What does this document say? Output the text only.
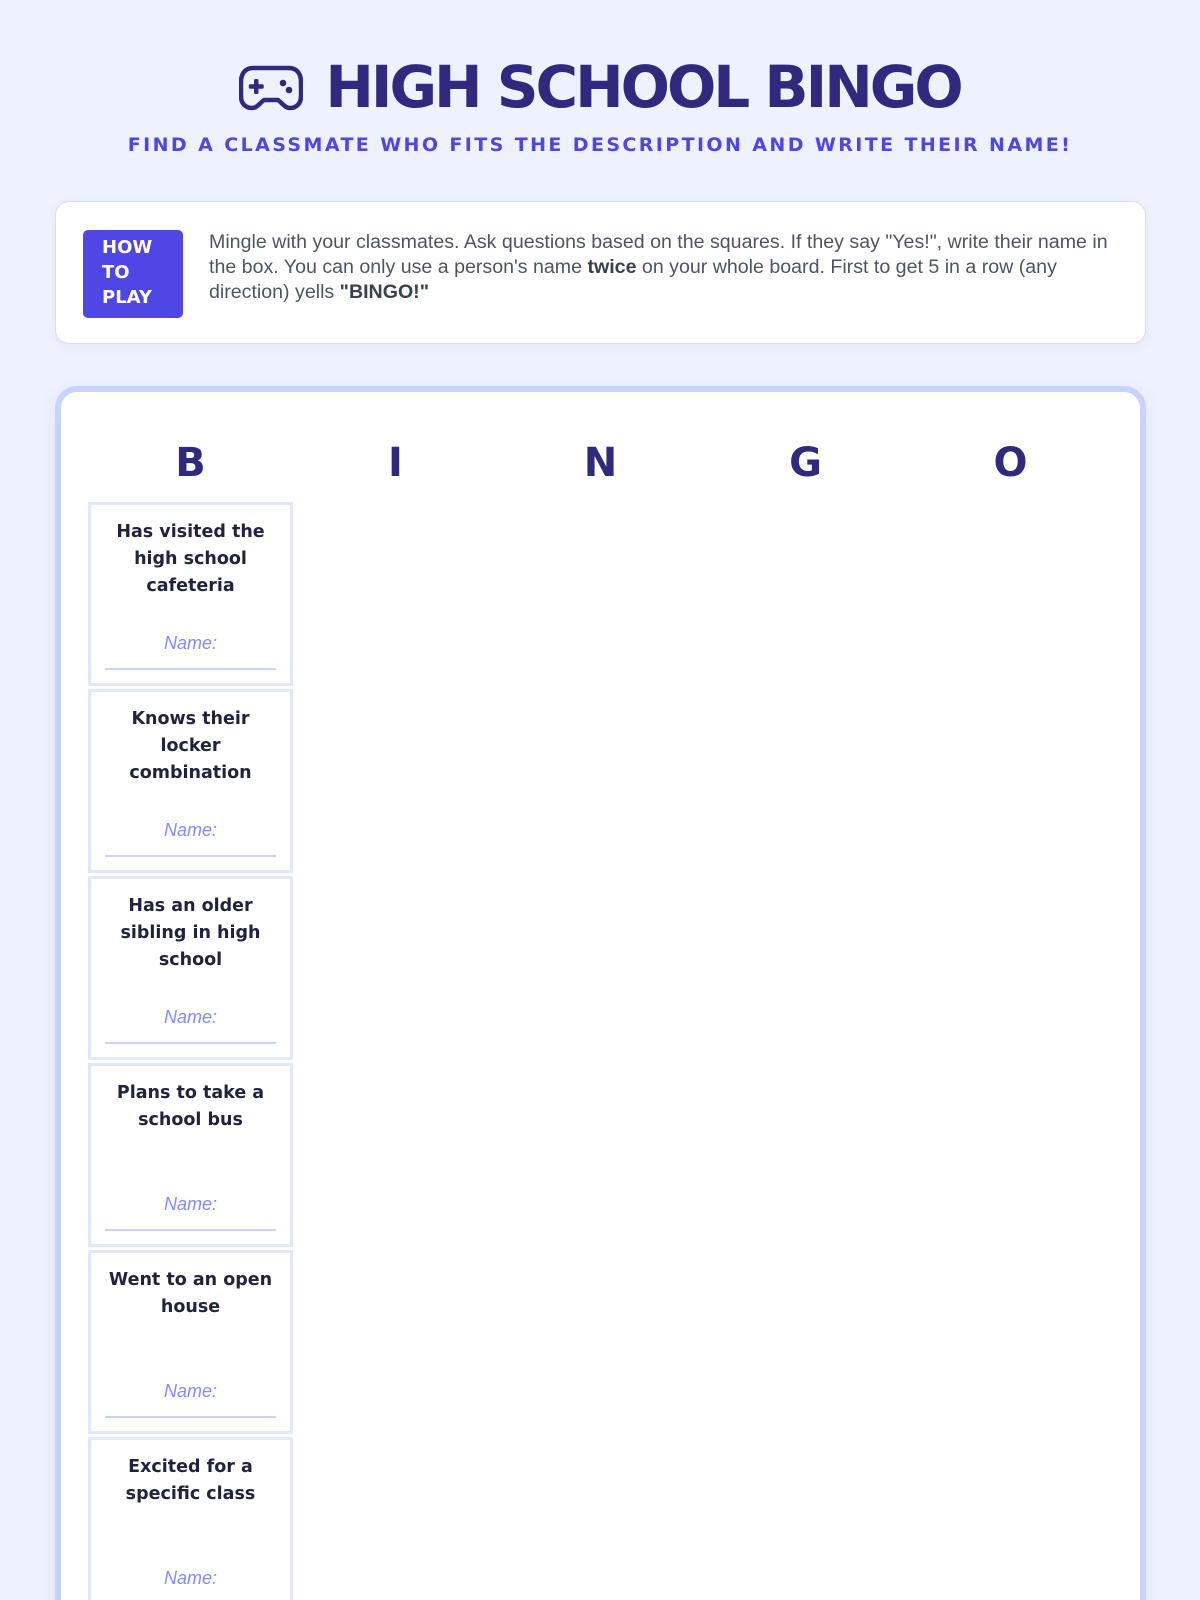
HIGH SCHOOL BINGO
FIND A CLASSMATE WHO FITS THE DESCRIPTION AND WRITE THEIR NAME!
HOW
TO
PLAY

Mingle with your classmates. Ask questions based on the squares. If they say "Yes!", write their name in the box. You can only use a person's name twice on your whole board. First to get 5 in a row (any direction) yells "BINGO!"

B	I	N	G	O
Has visited the high school cafeteria
Name:
Knows their locker combination
Name:
Has an older sibling in high school
Name:
Plans to take a school bus
Name:
Went to an open house
Name:
Excited for a specific class
Name:
